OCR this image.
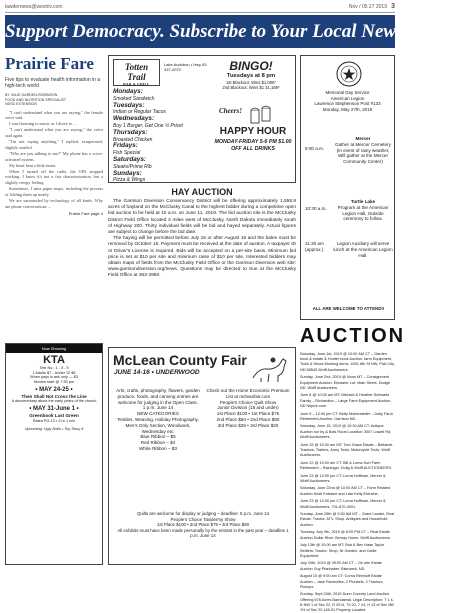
lawdernews@westriv.com	Nov / 05 27 2019 3
Support Democracy. Subscribe to Your Local Newspaper.
Prairie Fare
Five tips to evaluate health information in a high-tech world
BY JULIE GARDEN-ROBINSON
FOOD AND NUTRITION SPECIALIST
NDSU EXTENSION

"I can't understand what you are saying," the female voice said.

I was listening to music as I drove to ...

"I can't understand what you are saying," the voice said again.

"I'm not saying anything," I replied, exasperated, slightly startled.

"Who are you talking to me?" My phone has a voice-activated system.

My heart beat a little faster.

When I turned off the radio, the GPS stopped working. I know it's not a fair characterization, but a slightly creepy feeling.

Sometimes, I miss paper maps, including the process of folding them up neatly.

We are surrounded by technology of all kinds. Why are phone conversations ...

Prairie Fare page 4
Now Showing
KTA
Tele No.: 1 - 3 - 5
1 Adults $7 - Under 12 $5
When pays is ask only — $3
Movies start @ 7:30 pm
• MAY 24-25 •
Then Shall Not Cross the Line
A documentary about the early years of the church
• MAY 31-June 1 •
Greenbook Last Green
Rated PG-13 • 3 hr 1 min
Upcoming: Ugly Dolls • Toy Story 4
Totten
Trail
BAR & GRILL
Lake Audubon • Hwy 83
337-2070
Mondays:
Smoked Sandwich
Tuesdays:
Indian or Regular Tacos
Wednesdays:
Buy 1 Burger, Get One ½ Price!
Thursdays:
Broasted Chicken
Fridays:
Fish Special
Saturdays:
Steaks/Prime Rib
Sundays:
Pizza & Wings
BINGO!
Tuesdays at 8 pm
1st Blackout: Wins $1,000*
2nd Blackout: Wins $1 31,169*
Cheers!
HAPPY HOUR
MONDAY-FRIDAY 5-6 PM $1.00 OFF ALL DRINKS
Memorial Day Service
American Legion
Lawrence Stephenson Post #133
Monday, May 27th, 2019
8:00 a.m.
Mercer
Gather at Mercer Cemetery (In event of rainy weather, Will gather at the Mercer Community Center)
10:30 a.m.
Turtle Lake
Program at the American Legion Hall, Outside ceremony to follow.
11:30 am (approx.)
Legion Auxiliary will serve lunch at the American Legion Hall.
ALL ARE WELCOME TO ATTEND!!
HAY AUCTION

The Garrison Diversion Conservancy District will be offering approximately 1,558.8 acres of hayland on the McClusky Canal to the highest bidder during a competitive open bid auction to be held at 10 a.m. on June 11, 2019. The bid auction site is the McClusky District Field Office located 3 miles west of McClusky, North Dakota immediately south of Highway 200. Thirty individual fields will be bid and hayed separately. Actual figures are subject to change before the bid date.

The haying will be permitted before July 15 or after August 15 and the bales must be removed by October 15. Payment must be received at the date of auction. A taxpayer ID or Driver's License is required. Bids will be accepted on a per-site basis. Minimum bid price is set at $10 per site and minimum raise of $10 per site. Interested bidders may obtain maps of fields from the McClusky Field Office or the Garrison Diversion web site: www.garrisondiversion.org/news. Questions may be directed to Sue at the McClusky Field Office at 363-2950.

McLean County Fair
JUNE 14-16 • UNDERWOOD
Arts, crafts, photography, flowers, garden produce, foods, and canning entries are welcome for judging in the Open Class.
1 p.m. June 14
NEW CATEGORIES
Textiles, Weaving, Holiday Photography, Men's Only Section, Woodwork, Wednesday etc.
Blue Ribbon – $5
Red Ribbon – $4
White Ribbon – $3
Check out the Home Economic Premium List at mcleanfair.com
People's Choice Quilt Show
Junior Division (18 and under)
1st Place $100 • 1st Place $75
2nd Place $50 • 2nd Place $50
3rd Place $25 • 3rd Place $25
Quilts are welcome for display or judging – deadline: 5 p.m. June 14
People's Choice Taxidermy Show
1st Place $100 • 2nd Place $75 • 3rd Place $50
All exhibits must have been made personally by the entrant in the past year – deadline 1 p.m. June 14
AUCTION

Saturday, June 1st, 2019 @ 10:00 AM CT – Garden book & estate & Hunter book Auction, farm Equipment, Tools & Wood Working items. 4001 8th St NW, Pick City, ND 58545 Wolff Auctioneers.

Sunday, June 2nd, 2019 @ Noon MT – Consignment Equipment Auction. Elmaster Lot, Main Street, Dodge ND. Wolff Auctioneers.

June 8 @ 10:00 am MT: Michael & Heather Schwartz Family – Richardton – Large Farm Equipment Auction, ND Nitpick.com.

June 9 – 12:00 pm CT: Betty Moberstetter – Dally Farm Retirement Auction, Garrison ND.

Saturday, June 15, 2019 @ 10:30 AM CT: Antique Auction run by & Bois Rural Location: 3007 Lowell Rd, Wolff Auctioneers.

June 15 @ 10:00 am MT: Tom Grass Estate – Bellamie. Tractors, Trailers, Army Tools, Motorcycle Tools. Wolff Auctioneers.

June 22 @ 10:00 am CT: Bill & Lorna Kurt Farm Retirement – Rainingst. Guilg & Wolff AUCTIONEERS.

June 23 @ 12:00 pm CT: Lorna Hoffman, Mercer & Wolff Auctioneers.

Saturday, June 22nd @ 10:00 AM CT – Farm Related Auction Kristi Entraine and Late Kelly Entraine.

June 23 @ 12:00 pm CT: Lorna Hoffman, Mercer & Wolff Auctioneers, 701-870-4001.

Sunday, June 29th @ 9:30 AM MT – Grant Lander, Real Estate, Tractor, ATV, Shop, Antiques and Household Auction.

Tuesday, July 9th, 2019 @ 6:00 PM CT – Real Estate Auction Dollar River Gernay Home. Wolff Auctioneers.

July 13th @ 10:00 am MT: Bob & Bev Haas Taylor Settlers: Tractor, Shop, NI Garden, and Cattle Equipment.

July 20th, 2019 @ 09:00 AM CT – On site Estate Auction Guy Pfanhaber. Bismarck, ND.

August 10 @ 9:00 am CT: Corna Reinhoff Estate Auction – Jane Ravenilles, 2 Plunkets, 2 Tractors, Pickups.

Sunday, Sept 24th, 2019 Dunn Country Land Auction. Offering 576 Acres Barndamal, Legal Description: T 1 s, B NW 1 of Sec 22, R 29 N, 79 20, 7 24, H 12 of Sec MB 1½ of Sec 20 145-91 Property Located.
